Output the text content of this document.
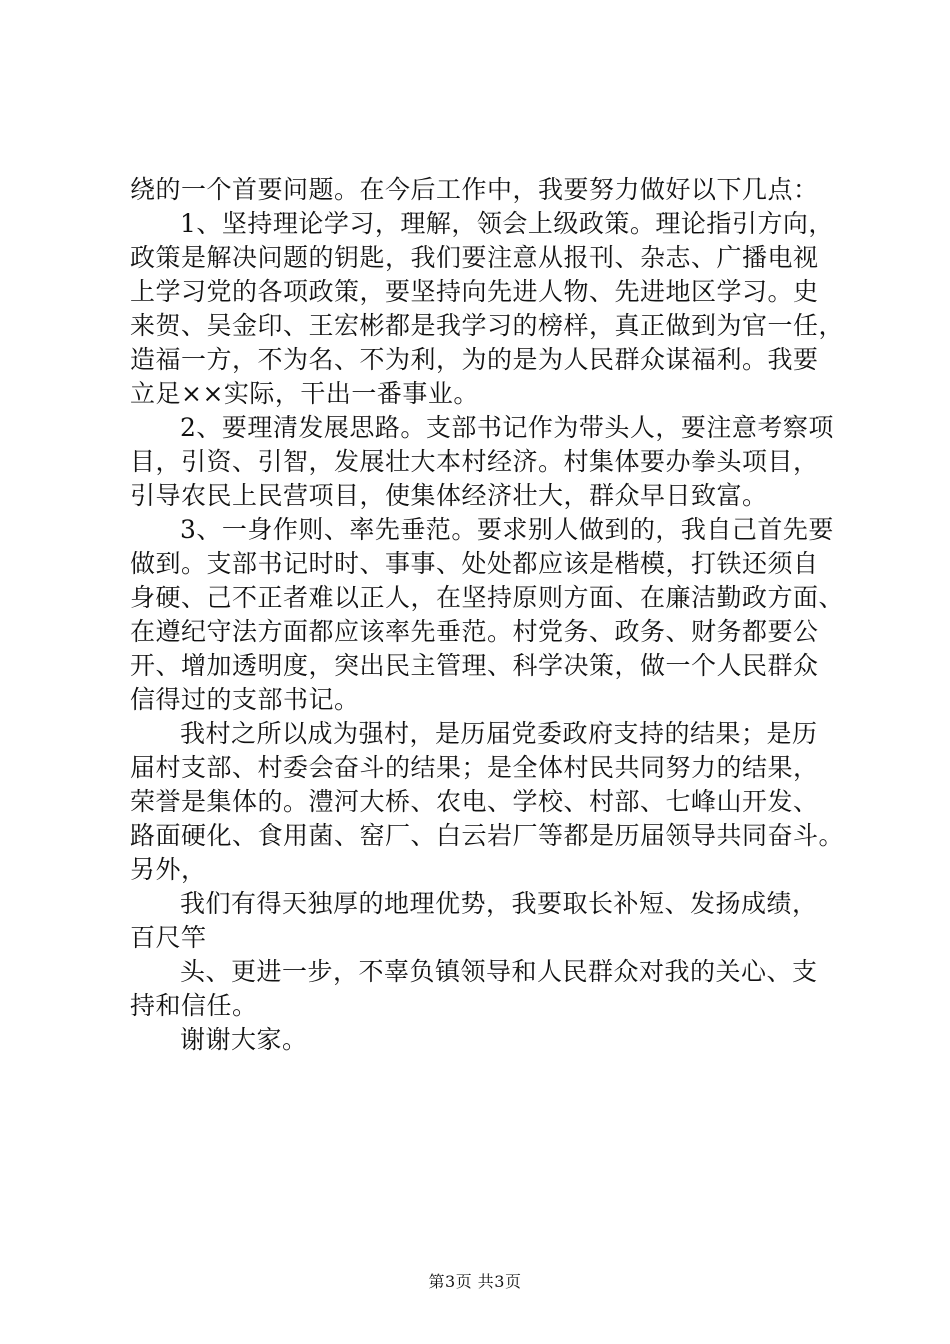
绕的一个首要问题。在今后工作中，我要努力做好以下几点：
1、坚持理论学习，理解，领会上级政策。理论指引方向，
政策是解决问题的钥匙，我们要注意从报刊、杂志、广播电视
上学习党的各项政策，要坚持向先进人物、先进地区学习。史
来贺、吴金印、王宏彬都是我学习的榜样，真正做到为官一任，
造福一方，不为名、不为利，为的是为人民群众谋福利。我要
立足××实际，干出一番事业。
2、要理清发展思路。支部书记作为带头人，要注意考察项
目，引资、引智，发展壮大本村经济。村集体要办拳头项目，
引导农民上民营项目，使集体经济壮大，群众早日致富。
3、一身作则、率先垂范。要求别人做到的，我自己首先要
做到。支部书记时时、事事、处处都应该是楷模，打铁还须自
身硬、己不正者难以正人，在坚持原则方面、在廉洁勤政方面、
在遵纪守法方面都应该率先垂范。村党务、政务、财务都要公
开、增加透明度，突出民主管理、科学决策，做一个人民群众
信得过的支部书记。
我村之所以成为强村，是历届党委政府支持的结果；是历
届村支部、村委会奋斗的结果；是全体村民共同努力的结果，
荣誉是集体的。澧河大桥、农电、学校、村部、七峰山开发、
路面硬化、食用菌、窑厂、白云岩厂等都是历届领导共同奋斗。
另外，
我们有得天独厚的地理优势，我要取长补短、发扬成绩，
百尺竿
头、更进一步，不辜负镇领导和人民群众对我的关心、支
持和信任。
谢谢大家。
第3页 共3页
